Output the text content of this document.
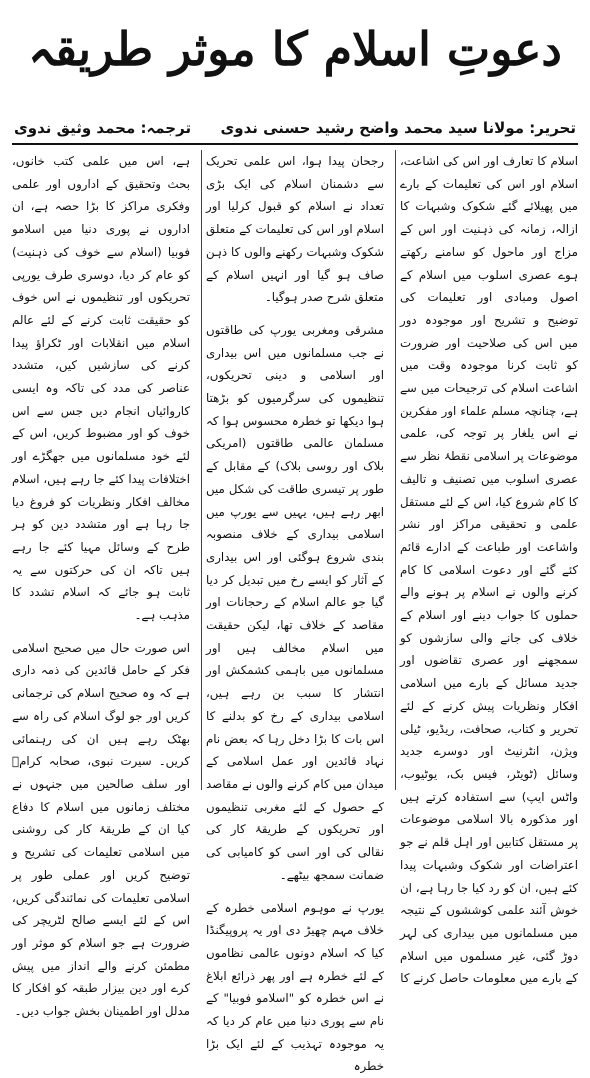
دعوتِ اسلام کا موثر طریقہ
تحریر: مولانا سید محمد واضح رشید حسنی ندوی
ترجمہ: محمد وثیق ندوی

اسلام کا تعارف اور اس کی اشاعت، اسلام اور اس کی تعلیمات کے بارے میں پھیلائے گئے شکوک وشبہات کا ازالہ، زمانہ کی ذہنیت اور اس کے مزاج اور ماحول کو سامنے رکھتے ہوے عصری اسلوب میں اسلام کے اصول ومبادی اور تعلیمات کی توضیح و تشریح اور موجودہ دور میں اس کی صلاحیت اور ضرورت کو ثابت کرنا موجودہ وقت میں اشاعت اسلام کی ترجیحات میں سے ہے، چنانچہ مسلم علماء اور مفکرین نے اس یلغار پر توجہ کی، علمی موضوعات پر اسلامی نقطۂ نظر سے عصری اسلوب میں تصنیف و تالیف کا کام شروع کیا، اس کے لئے مستقل علمی و تحقیقی مراکز اور نشر واشاعت اور طباعت کے ادارے قائم کئے گئے اور دعوت اسلامی کا کام کرنے والوں نے اسلام پر ہونے والے حملوں کا جواب دینے اور اسلام کے خلاف کی جانے والی سازشوں کو سمجھنے اور عصری تقاضوں اور جدید مسائل کے بارے میں اسلامی افکار ونظریات پیش کرنے کے لئے تحریر و کتاب، صحافت، ریڈیو، ٹیلی ویژن، انٹرنیٹ اور دوسرے جدید وسائل (ٹویٹر، فیس بک، یوٹیوب، واٹس ایپ) سے استفادہ کرتے ہیں اور مذکورہ بالا اسلامی موضوعات پر مستقل کتابیں اور اہل قلم نے جو اعتراضات اور شکوک وشبہات پیدا کئے ہیں، ان کو رد کیا جا رہا ہے، ان خوش آئند علمی کوششوں کے نتیجہ میں مسلمانوں میں بیداری کی لہر دوڑ گئی، غیر مسلموں میں اسلام کے بارے میں معلومات حاصل کرنے کا

رجحان پیدا ہوا، اس علمی تحریک سے دشمنان اسلام کی ایک بڑی تعداد نے اسلام کو قبول کرلیا اور اسلام اور اس کی تعلیمات کے متعلق شکوک وشبہات رکھنے والوں کا ذہن صاف ہو گیا اور انہیں اسلام کے متعلق شرح صدر ہوگیا۔

مشرقی ومغربی یورپ کی طاقتوں نے جب مسلمانوں میں اس بیداری اور اسلامی و دینی تحریکوں، تنظیموں کی سرگرمیوں کو بڑھتا ہوا دیکھا تو خطرہ محسوس ہوا کہ مسلمان عالمی طاقتوں (امریکی بلاک اور روسی بلاک) کے مقابل کے طور پر تیسری طاقت کی شکل میں ابھر رہے ہیں، یہیں سے یورپ میں اسلامی بیداری کے خلاف منصوبہ بندی شروع ہوگئی اور اس بیداری کے آثار کو ایسے رخ میں تبدیل کر دیا گیا جو عالم اسلام کے رحجانات اور مقاصد کے خلاف تھا، لیکن حقیقت میں اسلام مخالف ہیں اور مسلمانوں میں باہمی کشمکش اور انتشار کا سبب بن رہے ہیں، اسلامی بیداری کے رخ کو بدلنے کا اس بات کا بڑا دخل رہا کہ بعض نام نہاد قائدین اور عمل اسلامی کے میدان میں کام کرنے والوں نے مقاصد کے حصول کے لئے مغربی تنظیموں اور تحریکوں کے طریقۂ کار کی نقالی کی اور اسی کو کامیابی کی ضمانت سمجھ بیٹھے۔

یورپ نے موہوم اسلامی خطرہ کے خلاف مہم چھیڑ دی اور یہ پروپیگنڈا کیا کہ اسلام دونوں عالمی نظاموں کے لئے خطرہ ہے اور پھر ذرائع ابلاغ نے اس خطرہ کو "اسلامو فوبیا" کے نام سے پوری دنیا میں عام کر دیا کہ یہ موجودہ تہذیب کے لئے ایک بڑا خطرہ

ہے، اس میں علمی کتب خانوں، بحث وتحقیق کے اداروں اور علمی وفکری مراکز کا بڑا حصہ ہے، ان اداروں نے پوری دنیا میں اسلامو فوبیا (اسلام سے خوف کی ذہنیت) کو عام کر دیا، دوسری طرف یورپی تحریکوں اور تنظیموں نے اس خوف کو حقیقت ثابت کرنے کے لئے عالم اسلام میں انقلابات اور ٹکراؤ پیدا کرنے کی سازشیں کیں، متشدد عناصر کی مدد کی تاکہ وہ ایسی کاروائیاں انجام دیں جس سے اس خوف کو اور مضبوط کریں، اس کے لئے خود مسلمانوں میں جھگڑے اور اختلافات پیدا کئے جا رہے ہیں، اسلام مخالف افکار ونظریات کو فروغ دیا جا رہا ہے اور متشدد دین کو ہر طرح کے وسائل مہیا کئے جا رہے ہیں تاکہ ان کی حرکتوں سے یہ ثابت ہو جائے کہ اسلام تشدد کا مذہب ہے۔

اس صورت حال میں صحیح اسلامی فکر کے حامل قائدین کی ذمہ داری ہے کہ وہ صحیح اسلام کی ترجمانی کریں اور جو لوگ اسلام کی راہ سے بھٹک رہے ہیں ان کی رہنمائی کریں۔ سیرت نبوی، صحابہ کرامؓ اور سلف صالحین میں جنہوں نے مختلف زمانوں میں اسلام کا دفاع کیا ان کے طریقۂ کار کی روشنی میں اسلامی تعلیمات کی تشریح و توضیح کریں اور عملی طور پر اسلامی تعلیمات کی نمائندگی کریں، اس کے لئے ایسے صالح لٹریچر کی ضرورت ہے جو اسلام کو موثر اور مطمئن کرنے والے انداز میں پیش کرے اور دین بیزار طبقہ کو افکار کا مدلل اور اطمینان بخش جواب دیں۔
